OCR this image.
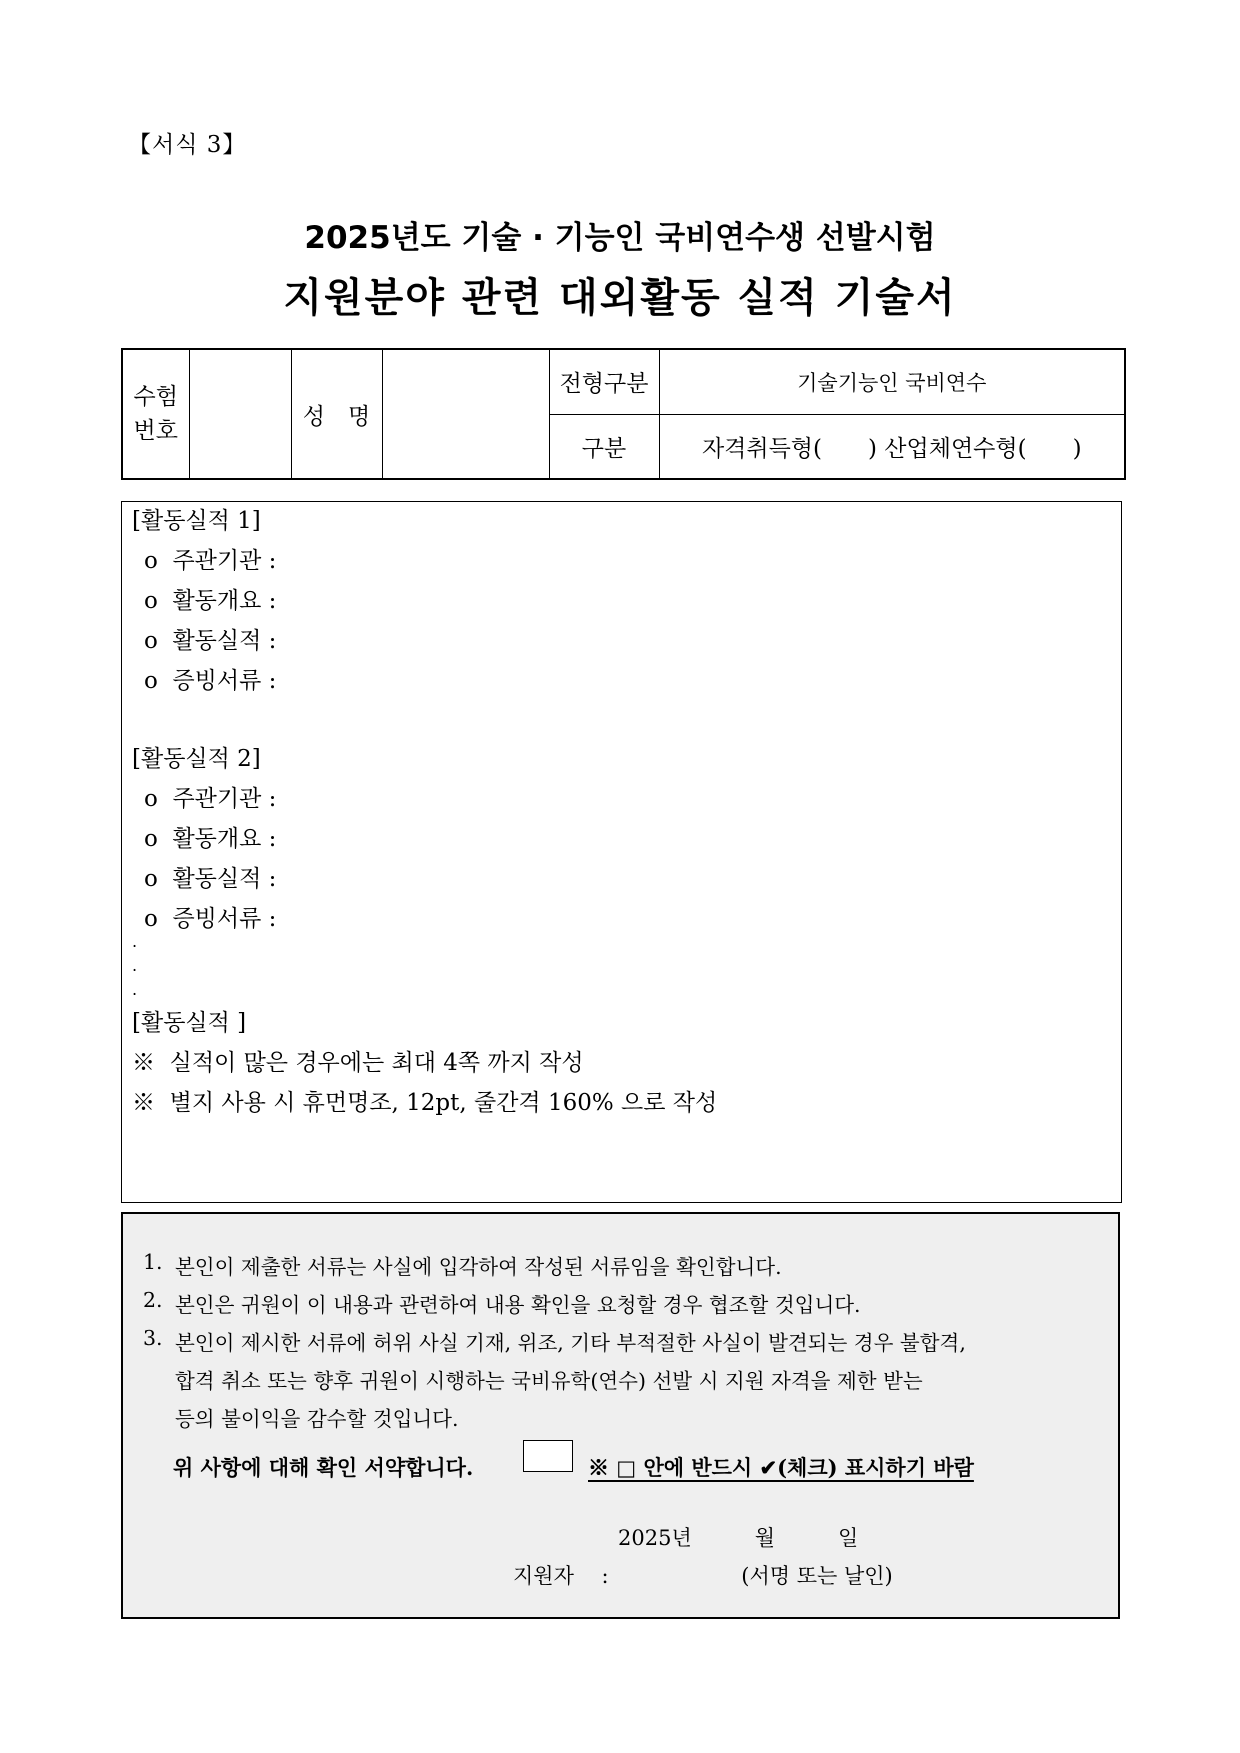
【서식 3】
2025년도 기술 · 기능인 국비연수생 선발시험
지원분야 관련 대외활동 실적 기술서
수험
번호		성　명		전형구분	기술기능인 국비연수
				구분	자격취득형(　　) 산업체연수형(　　)
[활동실적 1]
o  주관기관 :
o  활동개요 :
o  활동실적 :
o  증빙서류 :
[활동실적 2]
o  주관기관 :
o  활동개요 :
o  활동실적 :
o  증빙서류 :
.
.
.
[활동실적 ]
※  실적이 많은 경우에는 최대 4쪽 까지 작성
※  별지 사용 시 휴먼명조, 12pt, 줄간격 160% 으로 작성
1. 본인이 제출한 서류는 사실에 입각하여 작성된 서류임을 확인합니다.
2. 본인은 귀원이 이 내용과 관련하여 내용 확인을 요청할 경우 협조할 것입니다.
3. 본인이 제시한 서류에 허위 사실 기재, 위조, 기타 부적절한 사실이 발견되는 경우 불합격,
합격 취소 또는 향후 귀원이 시행하는 국비유학(연수) 선발 시 지원 자격을 제한 받는
등의 불이익을 감수할 것입니다.
위 사항에 대해 확인 서약합니다.	※ □ 안에 반드시 ✔(체크) 표시하기 바람
2025년　　　월　　　일
지원자　 :　　　　　　 (서명 또는 날인)
